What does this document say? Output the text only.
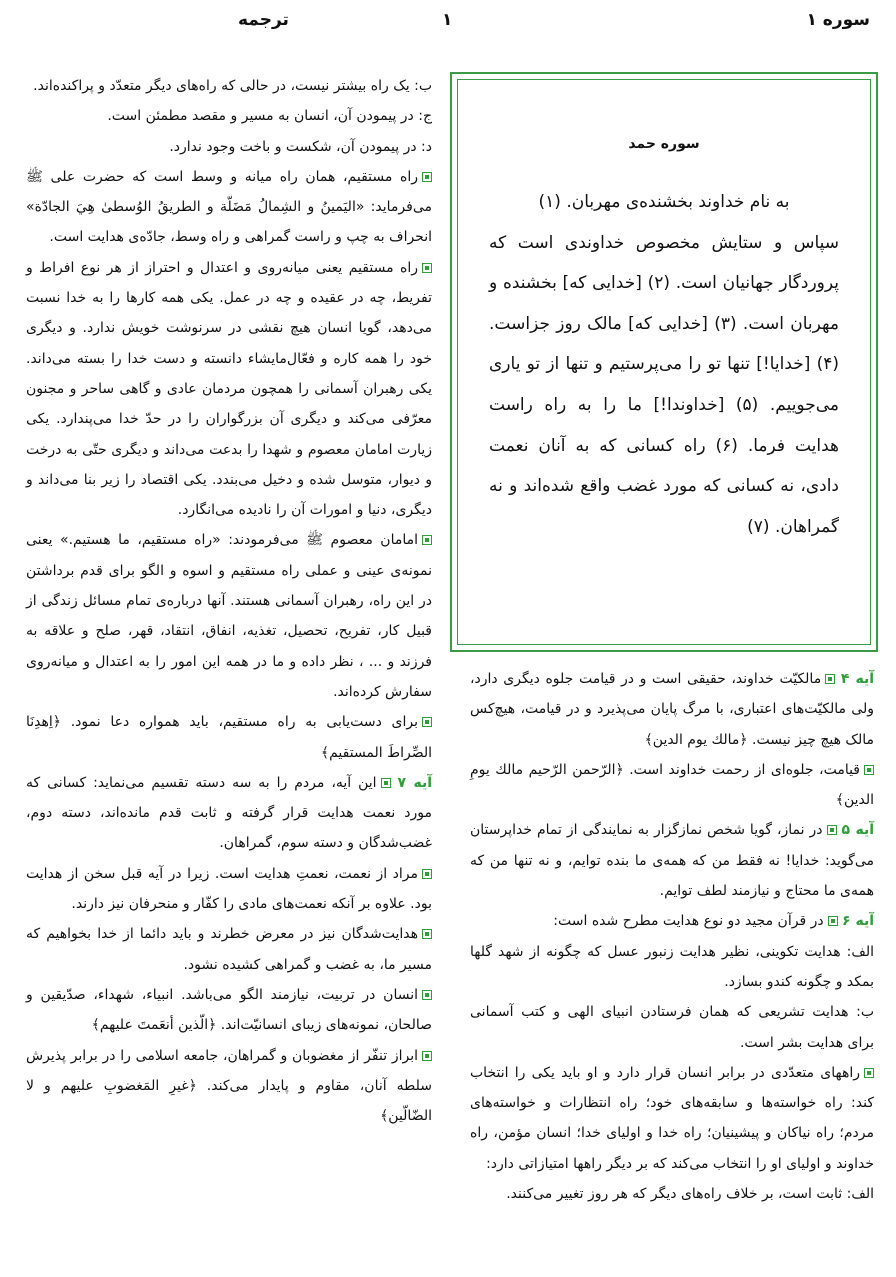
سوره ۱
ترجمه	۱
سوره حمد

به نام خداوند بخشنده‌ی مهربان. (۱)

سپاس و ستایش مخصوص خداوندی است که پروردگار جهانیان است. (۲) [خدایی که] بخشنده و مهربان است. (۳) [خدایی که] مالک روز جزاست. (۴) [خدایا!] تنها تو را می‌پرستیم و تنها از تو یاری می‌جوییم. (۵) [خداوندا!] ما را به راه راست هدایت فرما. (۶) راه کسانی که به آنان نعمت دادی، نه کسانی که مورد غضب واقع شده‌اند و نه گمراهان. (۷)

ب: یک راه بیشتر نیست، در حالی که راه‌های دیگر متعدّد و پراکنده‌اند.

ج: در پیمودن آن، انسان به مسیر و مقصد مطمئن است.

د: در پیمودن آن، شکست و باخت وجود ندارد.

راه مستقیم، همان راه میانه و وسط است که حضرت علی ﷺ می‌فرماید: «اليَمينُ و الشِمالُ مَضَلّة و الطريقُ الوُسطیٰ هِيَ الجادّة» انحراف به چپ و راست گمراهی و راه وسط، جادّه‌ی هدایت است.

راه مستقیم یعنی میانه‌روی و اعتدال و احتراز از هر نوع افراط و تفریط، چه در عقیده و چه در عمل. یکی همه کارها را به خدا نسبت می‌دهد، گویا انسان هیچ نقشی در سرنوشت خویش ندارد. و دیگری خود را همه کاره و فعّال‌مایشاء دانسته و دست خدا را بسته می‌داند. یکی رهبران آسمانی را همچون مردمان عادی و گاهی ساحر و مجنون معرّفی می‌کند و دیگری آن بزرگواران را در حدّ خدا می‌پندارد. یکی زیارت امامان معصوم و شهدا را بدعت می‌داند و دیگری حتّی به درخت و دیوار، متوسل شده و دخیل می‌بندد. یکی اقتصاد را زیر بنا می‌داند و دیگری، دنیا و امورات آن را نادیده می‌انگارد.

امامان معصوم ﷺ می‌فرمودند: «راه مستقیم، ما هستیم.» یعنی نمونه‌ی عینی و عملی راه مستقیم و اسوه و الگو برای قدم برداشتن در این راه، رهبران آسمانی هستند. آنها درباره‌ی تمام مسائل زندگی از قبیل کار، تفریح، تحصیل، تغذیه، انفاق، انتقاد، قهر، صلح و علاقه به فرزند و ... ، نظر داده و ما در همه این امور را به اعتدال و میانه‌روی سفارش کرده‌اند.

برای دست‌یابی به راه مستقیم، باید همواره دعا نمود. ﴿اِهدِنَا الصِّراطَ المستقيم﴾

آیه ۷ این آیه، مردم را به سه دسته تقسیم می‌نماید: کسانی که مورد نعمت هدایت قرار گرفته و ثابت قدم مانده‌اند، دسته دوم، غضب‌شدگان و دسته سوم، گمراهان.

مراد از نعمت، نعمتِ هدایت است. زیرا در آیه قبل سخن از هدایت بود. علاوه بر آنکه نعمت‌های مادی را کفّار و منحرفان نیز دارند.

هدایت‌شدگان نیز در معرض خطرند و باید دائما از خدا بخواهیم که مسیر ما، به غضب و گمراهی کشیده نشود.

انسان در تربیت، نیازمند الگو می‌باشد. انبیاء، شهداء، صدّیقین و صالحان، نمونه‌های زیبای انسانیّت‌اند. ﴿الّذين أنعَمتَ عليهم﴾

ابراز تنفّر از مغضوبان و گمراهان، جامعه اسلامی را در برابر پذیرش سلطه آنان، مقاوم و پایدار می‌کند. ﴿غيرِ المَغضوبِ عليهم و لا الضّالّين﴾

آیه ۴ مالکیّت خداوند، حقیقی است و در قیامت جلوه دیگری دارد، ولی مالکیّت‌های اعتباری، با مرگ پایان می‌پذیرد و در قیامت، هیچ‌کس مالک هیچ چیز نیست. ﴿مالك يوم الدين﴾

قیامت، جلوه‌ای از رحمت خداوند است. ﴿الرّحمن الرّحيم مالك يومِ الدين﴾

آیه ۵ در نماز، گویا شخص نمازگزار به نمایندگی از تمام خداپرستان می‌گوید: خدایا! نه فقط من که همه‌ی ما بنده توایم، و نه تنها من که همه‌ی ما محتاج و نیازمند لطف توایم.

آیه ۶ در قرآن مجید دو نوع هدایت مطرح شده است:

الف: هدایت تکوینی، نظیر هدایت زنبور عسل که چگونه از شهد گلها بمکد و چگونه کندو بسازد.

ب: هدایت تشریعی که همان فرستادن انبیای الهی و کتب آسمانی برای هدایت بشر است.

راههای متعدّدی در برابر انسان قرار دارد و او باید یکی را انتخاب کند: راه خواسته‌ها و سابقه‌های خود؛ راه انتظارات و خواسته‌های مردم؛ راه نیاکان و پیشینیان؛ راه خدا و اولیای خدا؛ انسان مؤمن، راه خداوند و اولیای او را انتخاب می‌کند که بر دیگر راهها امتیازاتی دارد:

الف: ثابت است، بر خلاف راه‌های دیگر که هر روز تغییر می‌کنند.
